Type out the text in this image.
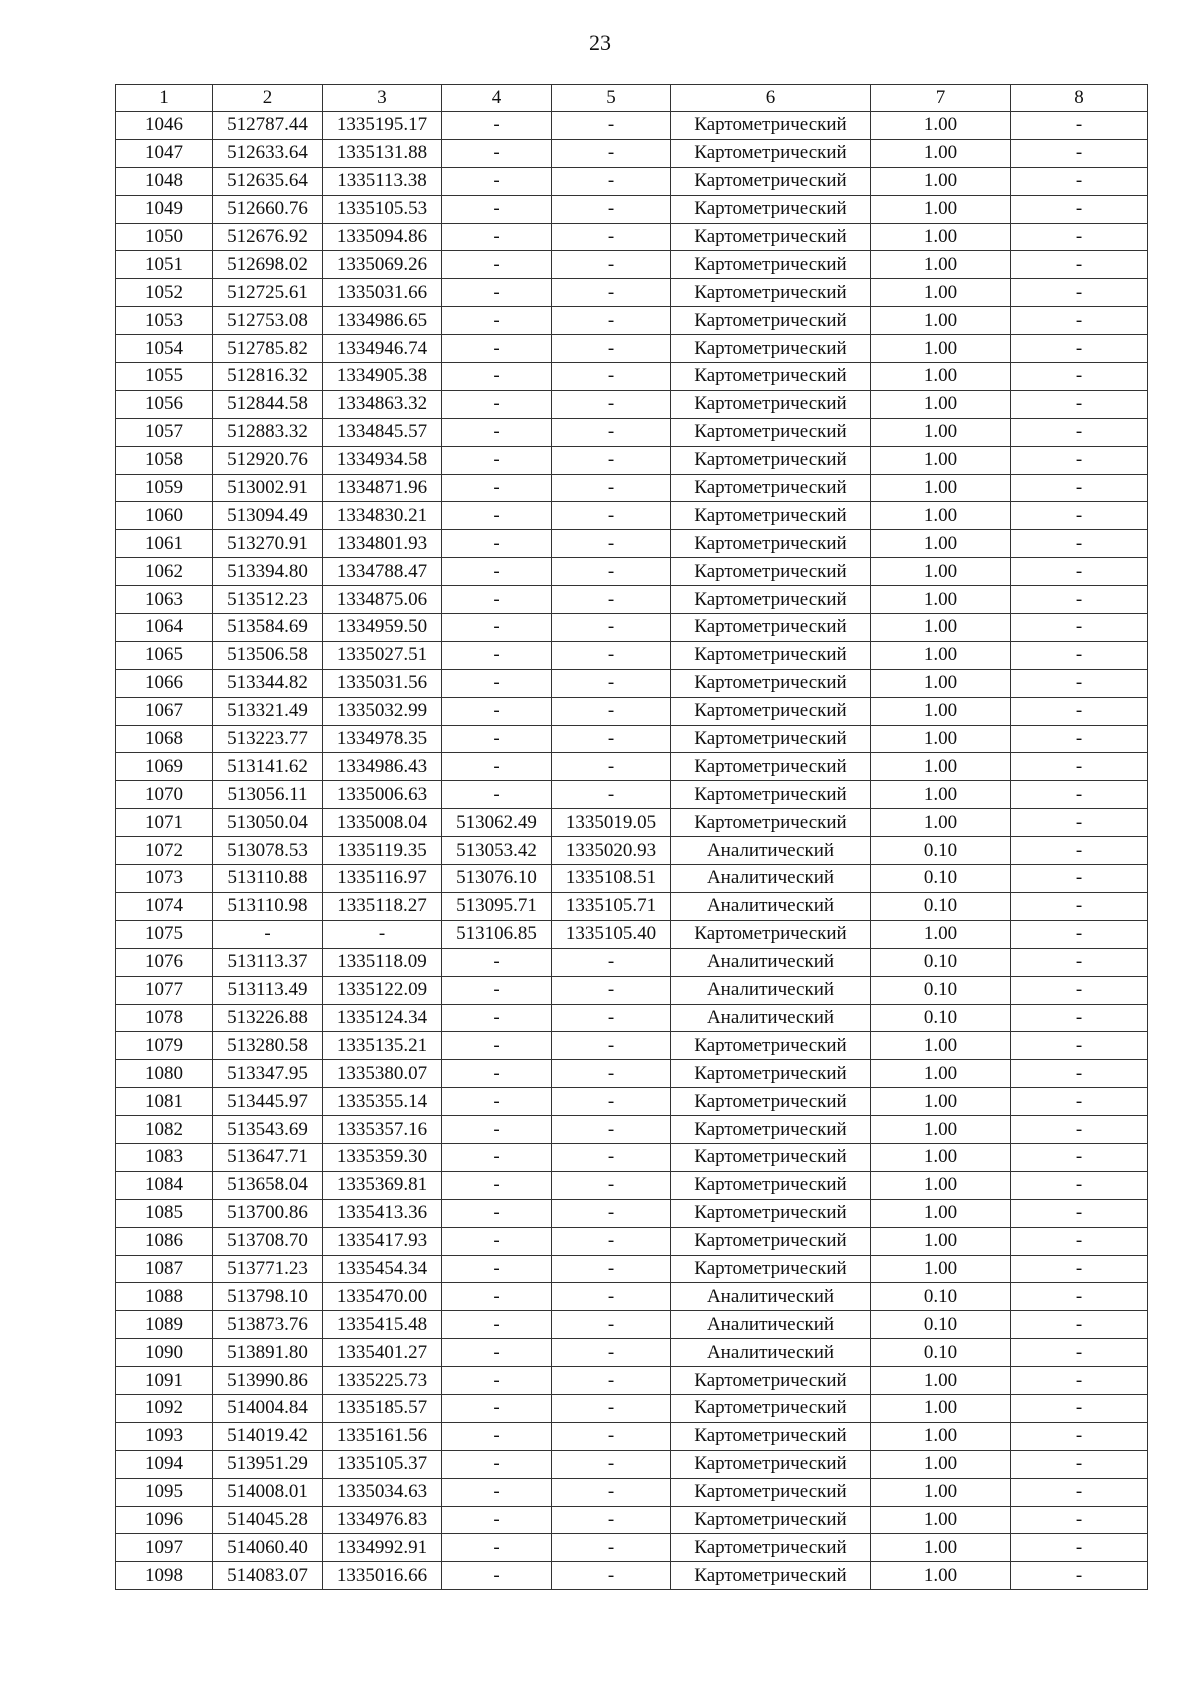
23
1	2	3	4	5	6	7	8
1046	512787.44	1335195.17	-	-	Картометрический	1.00	-
1047	512633.64	1335131.88	-	-	Картометрический	1.00	-
1048	512635.64	1335113.38	-	-	Картометрический	1.00	-
1049	512660.76	1335105.53	-	-	Картометрический	1.00	-
1050	512676.92	1335094.86	-	-	Картометрический	1.00	-
1051	512698.02	1335069.26	-	-	Картометрический	1.00	-
1052	512725.61	1335031.66	-	-	Картометрический	1.00	-
1053	512753.08	1334986.65	-	-	Картометрический	1.00	-
1054	512785.82	1334946.74	-	-	Картометрический	1.00	-
1055	512816.32	1334905.38	-	-	Картометрический	1.00	-
1056	512844.58	1334863.32	-	-	Картометрический	1.00	-
1057	512883.32	1334845.57	-	-	Картометрический	1.00	-
1058	512920.76	1334934.58	-	-	Картометрический	1.00	-
1059	513002.91	1334871.96	-	-	Картометрический	1.00	-
1060	513094.49	1334830.21	-	-	Картометрический	1.00	-
1061	513270.91	1334801.93	-	-	Картометрический	1.00	-
1062	513394.80	1334788.47	-	-	Картометрический	1.00	-
1063	513512.23	1334875.06	-	-	Картометрический	1.00	-
1064	513584.69	1334959.50	-	-	Картометрический	1.00	-
1065	513506.58	1335027.51	-	-	Картометрический	1.00	-
1066	513344.82	1335031.56	-	-	Картометрический	1.00	-
1067	513321.49	1335032.99	-	-	Картометрический	1.00	-
1068	513223.77	1334978.35	-	-	Картометрический	1.00	-
1069	513141.62	1334986.43	-	-	Картометрический	1.00	-
1070	513056.11	1335006.63	-	-	Картометрический	1.00	-
1071	513050.04	1335008.04	513062.49	1335019.05	Картометрический	1.00	-
1072	513078.53	1335119.35	513053.42	1335020.93	Аналитический	0.10	-
1073	513110.88	1335116.97	513076.10	1335108.51	Аналитический	0.10	-
1074	513110.98	1335118.27	513095.71	1335105.71	Аналитический	0.10	-
1075	-	-	513106.85	1335105.40	Картометрический	1.00	-
1076	513113.37	1335118.09	-	-	Аналитический	0.10	-
1077	513113.49	1335122.09	-	-	Аналитический	0.10	-
1078	513226.88	1335124.34	-	-	Аналитический	0.10	-
1079	513280.58	1335135.21	-	-	Картометрический	1.00	-
1080	513347.95	1335380.07	-	-	Картометрический	1.00	-
1081	513445.97	1335355.14	-	-	Картометрический	1.00	-
1082	513543.69	1335357.16	-	-	Картометрический	1.00	-
1083	513647.71	1335359.30	-	-	Картометрический	1.00	-
1084	513658.04	1335369.81	-	-	Картометрический	1.00	-
1085	513700.86	1335413.36	-	-	Картометрический	1.00	-
1086	513708.70	1335417.93	-	-	Картометрический	1.00	-
1087	513771.23	1335454.34	-	-	Картометрический	1.00	-
1088	513798.10	1335470.00	-	-	Аналитический	0.10	-
1089	513873.76	1335415.48	-	-	Аналитический	0.10	-
1090	513891.80	1335401.27	-	-	Аналитический	0.10	-
1091	513990.86	1335225.73	-	-	Картометрический	1.00	-
1092	514004.84	1335185.57	-	-	Картометрический	1.00	-
1093	514019.42	1335161.56	-	-	Картометрический	1.00	-
1094	513951.29	1335105.37	-	-	Картометрический	1.00	-
1095	514008.01	1335034.63	-	-	Картометрический	1.00	-
1096	514045.28	1334976.83	-	-	Картометрический	1.00	-
1097	514060.40	1334992.91	-	-	Картометрический	1.00	-
1098	514083.07	1335016.66	-	-	Картометрический	1.00	-
